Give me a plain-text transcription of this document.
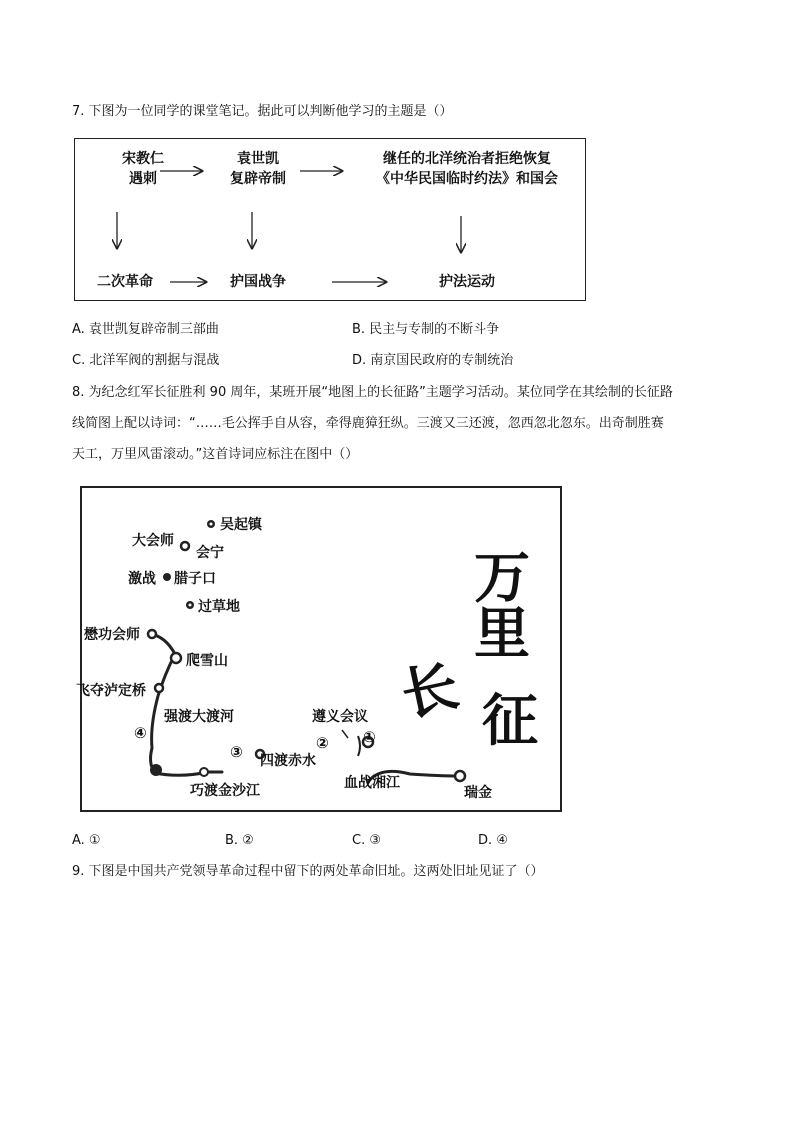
7. 下图为一位同学的课堂笔记。据此可以判断他学习的主题是（）
宋教仁
遇刺
袁世凯
复辟帝制
继任的北洋统治者拒绝恢复
《中华民国临时约法》和国会
二次革命	护国战争	护法运动
A. 袁世凯复辟帝制三部曲	B. 民主与专制的不断斗争
C. 北洋军阀的割据与混战	D. 南京国民政府的专制统治
8. 为纪念红军长征胜利 90 周年，某班开展“地图上的长征路”主题学习活动。某位同学在其绘制的长征路
线简图上配以诗词：“……毛公挥手自从容，牵得鹿獐狂纵。三渡又三还渡，忽西忽北忽东。出奇制胜赛
天工，万里风雷滚动。”这首诗词应标注在图中（）
吴起镇
大会师
会宁
激战 腊子口
过草地
懋功会师
爬雪山
飞夺泸定桥
强渡大渡河	遵义会议
四渡赤水
血战湘江
巧渡金沙江	瑞金
①
②
③
④
万
里
长 征
A. ①	B. ②	C. ③	D. ④
9. 下图是中国共产党领导革命过程中留下的两处革命旧址。这两处旧址见证了（）
